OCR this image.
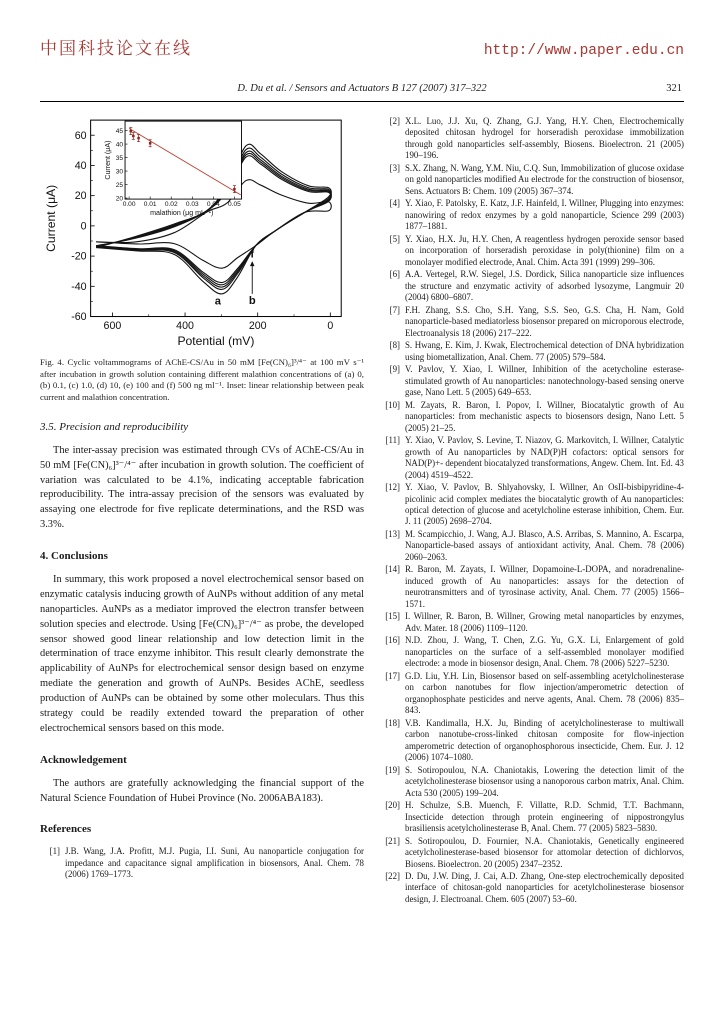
中国科技论文在线	http://www.paper.edu.cn
D. Du et al. / Sensors and Actuators B 127 (2007) 317–322	321
600	400	200	0
-60
-40
-20
0
20
40
60
Potential (mV)
Current (μA)
a b
f
20
25
30
35
40
45
0.00 0.01 0.02 0.03 0.04 0.05
malathion (μg mL⁻¹)
Current (μA)
Fig. 4. Cyclic voltammograms of AChE-CS/Au in 50 mM [Fe(CN)₆]³/⁴⁻ at 100 mV s⁻¹ after incubation in growth solution containing different malathion concentrations of (a) 0, (b) 0.1, (c) 1.0, (d) 10, (e) 100 and (f) 500 ng ml⁻¹. Inset: linear relationship between peak current and malathion concentration.
3.5. Precision and reproducibility

The inter-assay precision was estimated through CVs of AChE-CS/Au in 50 mM [Fe(CN)₆]³⁻/⁴⁻ after incubation in growth solution. The coefficient of variation was calculated to be 4.1%, indicating acceptable fabrication reproducibility. The intra-assay precision of the sensors was evaluated by assaying one electrode for five replicate determinations, and the RSD was 3.3%.

4. Conclusions

In summary, this work proposed a novel electrochemical sensor based on enzymatic catalysis inducing growth of AuNPs without addition of any metal nanoparticles. AuNPs as a mediator improved the electron transfer between solution species and electrode. Using [Fe(CN)₆]³⁻/⁴⁻ as probe, the developed sensor showed good linear relationship and low detection limit in the determination of trace enzyme inhibitor. This result clearly demonstrate the applicability of AuNPs for electrochemical sensor design based on enzyme mediate the generation and growth of AuNPs. Besides AChE, seedless production of AuNPs can be obtained by some other moleculars. Thus this strategy could be readily extended toward the preparation of other electrochemical sensors based on this mode.

Acknowledgement

The authors are gratefully acknowledging the financial support of the Natural Science Foundation of Hubei Province (No. 2006ABA183).

References
[1] J.B. Wang, J.A. Profitt, M.J. Pugia, I.I. Suni, Au nanoparticle conjugation for impedance and capacitance signal amplification in biosensors, Anal. Chem. 78 (2006) 1769–1773.
[2] X.L. Luo, J.J. Xu, Q. Zhang, G.J. Yang, H.Y. Chen, Electrochemically deposited chitosan hydrogel for horseradish peroxidase immobilization through gold nanoparticles self-assembly, Biosens. Bioelectron. 21 (2005) 190–196.
[3] S.X. Zhang, N. Wang, Y.M. Niu, C.Q. Sun, Immobilization of glucose oxidase on gold nanoparticles modified Au electrode for the construction of biosensor, Sens. Actuators B: Chem. 109 (2005) 367–374.
[4] Y. Xiao, F. Patolsky, E. Katz, J.F. Hainfeld, I. Willner, Plugging into enzymes: nanowiring of redox enzymes by a gold nanoparticle, Science 299 (2003) 1877–1881.
[5] Y. Xiao, H.X. Ju, H.Y. Chen, A reagentless hydrogen peroxide sensor based on incorporation of horseradish peroxidase in poly(thionine) film on a monolayer modified electrode, Anal. Chim. Acta 391 (1999) 299–306.
[6] A.A. Vertegel, R.W. Siegel, J.S. Dordick, Silica nanoparticle size influences the structure and enzymatic activity of adsorbed lysozyme, Langmuir 20 (2004) 6800–6807.
[7] F.H. Zhang, S.S. Cho, S.H. Yang, S.S. Seo, G.S. Cha, H. Nam, Gold nanoparticle-based mediatorless biosensor prepared on microporous electrode, Electroanalysis 18 (2006) 217–222.
[8] S. Hwang, E. Kim, J. Kwak, Electrochemical detection of DNA hybridization using biometallization, Anal. Chem. 77 (2005) 579–584.
[9] V. Pavlov, Y. Xiao, I. Willner, Inhibition of the acetycholine esterase-stimulated growth of Au nanoparticles: nanotechnology-based sensing onerve gase, Nano Lett. 5 (2005) 649–653.
[10] M. Zayats, R. Baron, I. Popov, I. Willner, Biocatalytic growth of Au nanoparticles: from mechanistic aspects to biosensors design, Nano Lett. 5 (2005) 21–25.
[11] Y. Xiao, V. Pavlov, S. Levine, T. Niazov, G. Markovitch, I. Willner, Catalytic growth of Au nanoparticles by NAD(P)H cofactors: optical sensors for NAD(P)+- dependent biocatalyzed transformations, Angew. Chem. Int. Ed. 43 (2004) 4519–4522.
[12] Y. Xiao, V. Pavlov, B. Shlyahovsky, I. Willner, An OsII-bisbipyridine-4-picolinic acid complex mediates the biocatalytic growth of Au nanoparticles: optical detection of glucose and acetylcholine esterase inhibition, Chem. Eur. J. 11 (2005) 2698–2704.
[13] M. Scampicchio, J. Wang, A.J. Blasco, A.S. Arribas, S. Mannino, A. Escarpa, Nanoparticle-based assays of antioxidant activity, Anal. Chem. 78 (2006) 2060–2063.
[14] R. Baron, M. Zayats, I. Willner, Dopamoine-L-DOPA, and noradrenaline-induced growth of Au nanoparticles: assays for the detection of neurotransmitters and of tyrosinase activity, Anal. Chem. 77 (2005) 1566–1571.
[15] I. Willner, R. Baron, B. Willner, Growing metal nanoparticles by enzymes, Adv. Mater. 18 (2006) 1109–1120.
[16] N.D. Zhou, J. Wang, T. Chen, Z.G. Yu, G.X. Li, Enlargement of gold nanoparticles on the surface of a self-assembled monolayer modified electrode: a mode in biosensor design, Anal. Chem. 78 (2006) 5227–5230.
[17] G.D. Liu, Y.H. Lin, Biosensor based on self-assembling acetylcholinesterase on carbon nanotubes for flow injection/amperometric detection of organophosphate pesticides and nerve agents, Anal. Chem. 78 (2006) 835–843.
[18] V.B. Kandimalla, H.X. Ju, Binding of acetylcholinesterase to multiwall carbon nanotube-cross-linked chitosan composite for flow-injection amperometric detection of organophosphorous insecticide, Chem. Eur. J. 12 (2006) 1074–1080.
[19] S. Sotiropoulou, N.A. Chaniotakis, Lowering the detection limit of the acetylcholinesterase biosensor using a nanoporous carbon matrix, Anal. Chim. Acta 530 (2005) 199–204.
[20] H. Schulze, S.B. Muench, F. Villatte, R.D. Schmid, T.T. Bachmann, Insecticide detection through protein engineering of nippostrongylus brasiliensis acetylcholinesterase B, Anal. Chem. 77 (2005) 5823–5830.
[21] S. Sotiropoulou, D. Fournier, N.A. Chaniotakis, Genetically engineered acetylcholinesterase-based biosensor for attomolar detection of dichlorvos, Biosens. Bioelectron. 20 (2005) 2347–2352.
[22] D. Du, J.W. Ding, J. Cai, A.D. Zhang, One-step electrochemically deposited interface of chitosan-gold nanoparticles for acetylcholinesterase biosensor design, J. Electroanal. Chem. 605 (2007) 53–60.
